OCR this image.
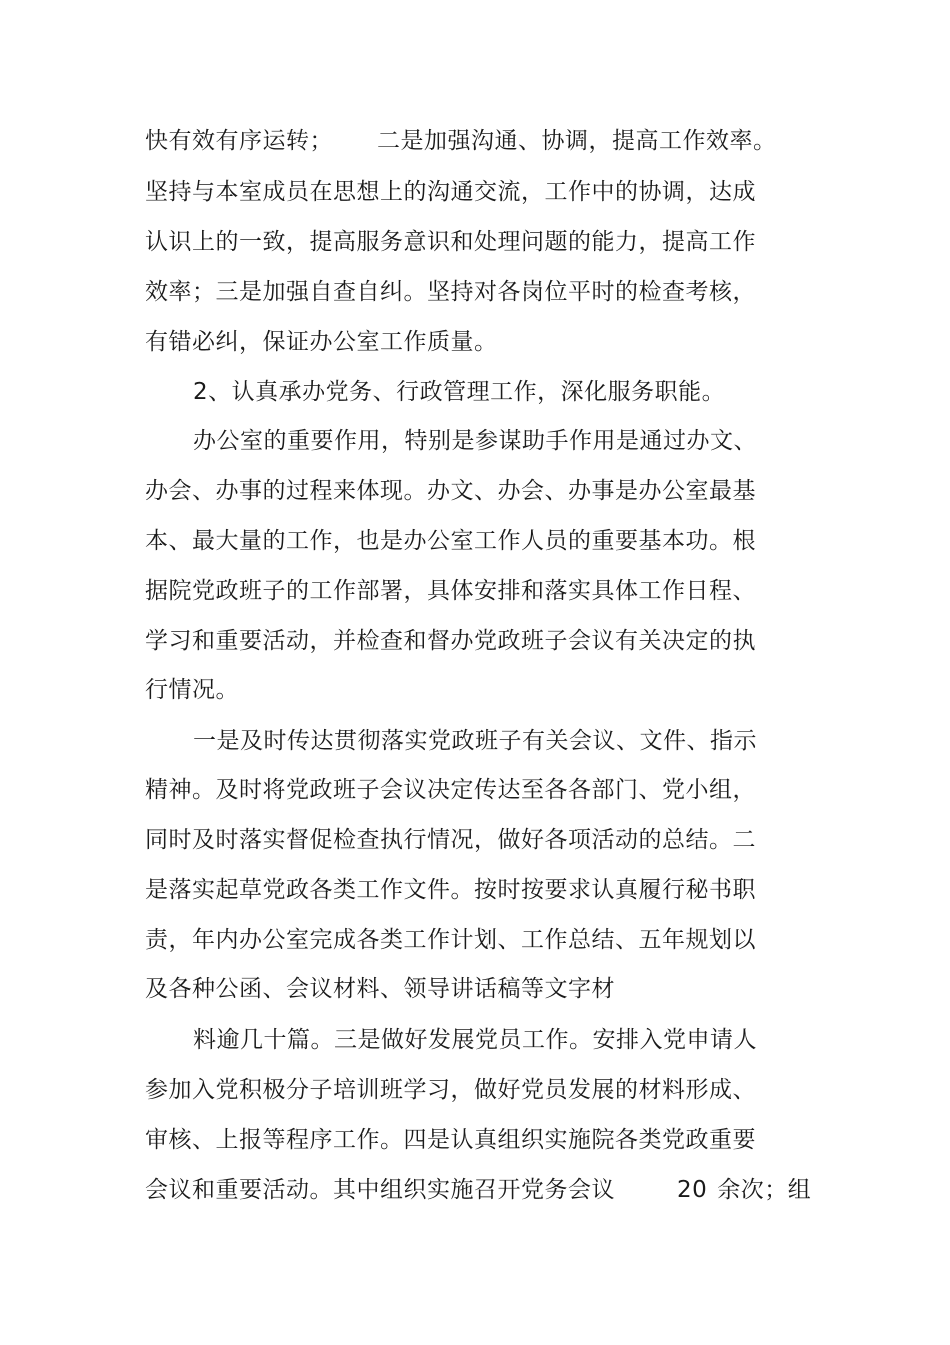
快有效有序运转； 二是加强沟通、协调，提高工作效率。
坚持与本室成员在思想上的沟通交流，工作中的协调，达成
认识上的一致，提高服务意识和处理问题的能力，提高工作
效率；三是加强自查自纠。坚持对各岗位平时的检查考核，
有错必纠，保证办公室工作质量。
2、认真承办党务、行政管理工作，深化服务职能。
办公室的重要作用，特别是参谋助手作用是通过办文、
办会、办事的过程来体现。办文、办会、办事是办公室最基
本、最大量的工作，也是办公室工作人员的重要基本功。根
据院党政班子的工作部署，具体安排和落实具体工作日程、
学习和重要活动，并检查和督办党政班子会议有关决定的执
行情况。
一是及时传达贯彻落实党政班子有关会议、文件、指示
精神。及时将党政班子会议决定传达至各各部门、党小组，
同时及时落实督促检查执行情况，做好各项活动的总结。二
是落实起草党政各类工作文件。按时按要求认真履行秘书职
责，年内办公室完成各类工作计划、工作总结、五年规划以
及各种公函、会议材料、领导讲话稿等文字材
料逾几十篇。三是做好发展党员工作。安排入党申请人
参加入党积极分子培训班学习，做好党员发展的材料形成、
审核、上报等程序工作。四是认真组织实施院各类党政重要
会议和重要活动。其中组织实施召开党务会议	20 余次；组
